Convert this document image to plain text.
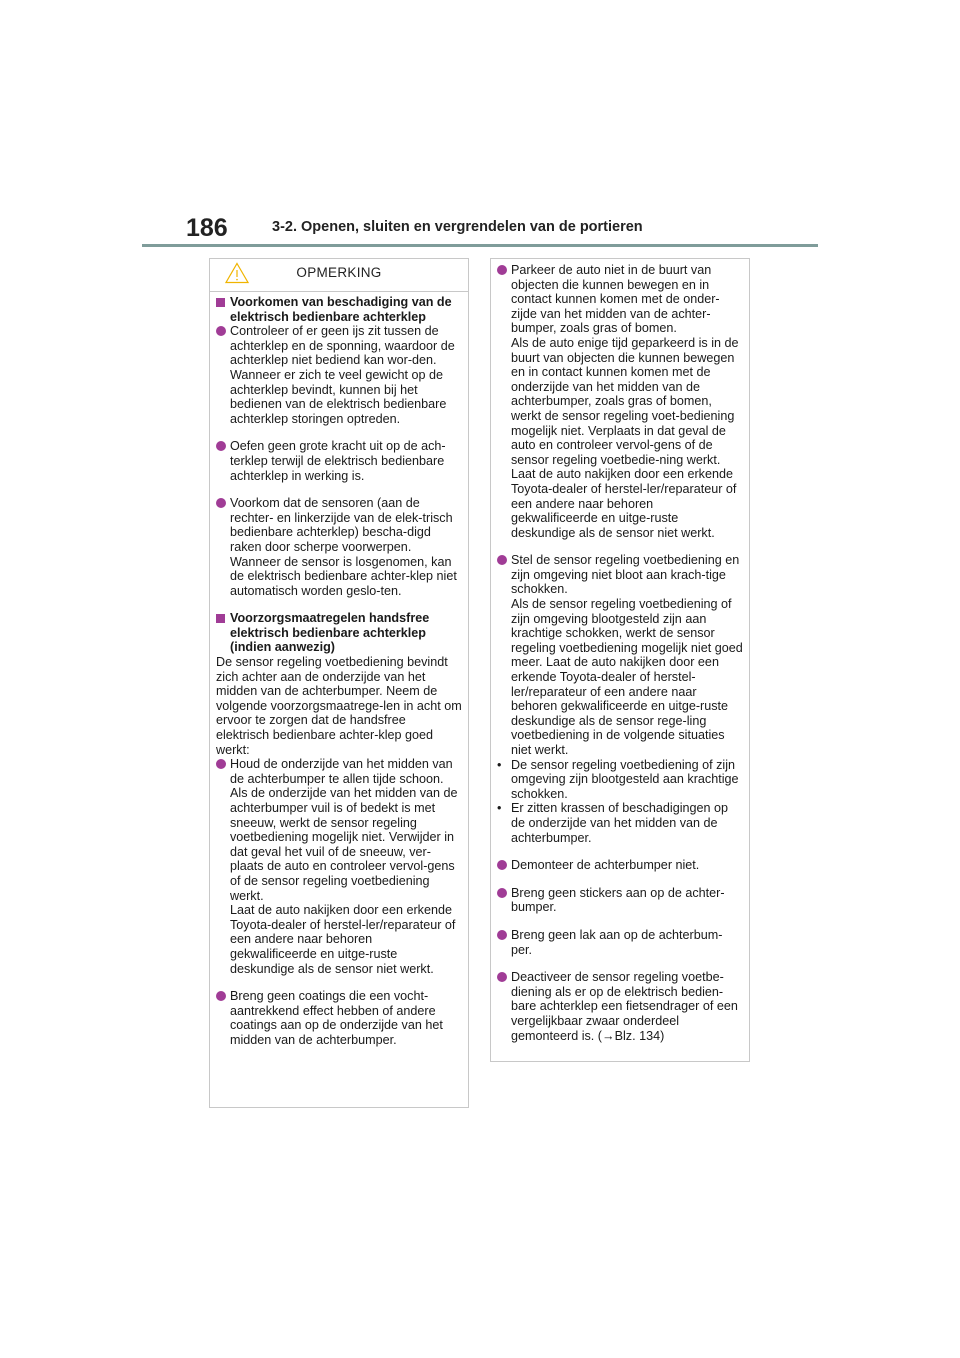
186	3-2. Openen, sluiten en vergrendelen van de portieren
OPMERKING
Voorkomen van beschadiging van de elektrisch bedienbare achterklep

Controleer of er geen ijs zit tussen de achterklep en de sponning, waardoor de achterklep niet bediend kan wor-den. Wanneer er zich te veel gewicht op de achterklep bevindt, kunnen bij het bedienen van de elektrisch bedienbare achterklep storingen optreden.

Oefen geen grote kracht uit op de ach-terklep terwijl de elektrisch bedienbare achterklep in werking is.

Voorkom dat de sensoren (aan de rechter- en linkerzijde van de elek-trisch bedienbare achterklep) bescha-digd raken door scherpe voorwerpen. Wanneer de sensor is losgenomen, kan de elektrisch bedienbare achter-klep niet automatisch worden geslo-ten.

Voorzorgsmaatregelen handsfree elektrisch bedienbare achterklep (indien aanwezig)

De sensor regeling voetbediening bevindt zich achter aan de onderzijde van het midden van de achterbumper. Neem de volgende voorzorgsmaatrege-len in acht om ervoor te zorgen dat de handsfree elektrisch bedienbare achter-klep goed werkt:

Houd de onderzijde van het midden van de achterbumper te allen tijde schoon.

Als de onderzijde van het midden van de achterbumper vuil is of bedekt is met sneeuw, werkt de sensor regeling voetbediening mogelijk niet. Verwijder in dat geval het vuil of de sneeuw, ver-plaats de auto en controleer vervol-gens of de sensor regeling voetbediening werkt.

Laat de auto nakijken door een erkende Toyota-dealer of herstel-ler/reparateur of een andere naar behoren gekwalificeerde en uitge-ruste deskundige als de sensor niet werkt.

Breng geen coatings die een vocht-aantrekkend effect hebben of andere coatings aan op de onderzijde van het midden van de achterbumper.

Parkeer de auto niet in de buurt van objecten die kunnen bewegen en in contact kunnen komen met de onder-zijde van het midden van de achter-bumper, zoals gras of bomen.

Als de auto enige tijd geparkeerd is in de buurt van objecten die kunnen bewegen en in contact kunnen komen met de onderzijde van het midden van de achterbumper, zoals gras of bomen, werkt de sensor regeling voet-bediening mogelijk niet. Verplaats in dat geval de auto en controleer vervol-gens of de sensor regeling voetbedie-ning werkt. Laat de auto nakijken door een erkende Toyota-dealer of herstel-ler/reparateur of een andere naar behoren gekwalificeerde en uitge-ruste deskundige als de sensor niet werkt.

Stel de sensor regeling voetbediening en zijn omgeving niet bloot aan krach-tige schokken.

Als de sensor regeling voetbediening of zijn omgeving blootgesteld zijn aan krachtige schokken, werkt de sensor regeling voetbediening mogelijk niet goed meer. Laat de auto nakijken door een erkende Toyota-dealer of herstel-ler/reparateur of een andere naar behoren gekwalificeerde en uitge-ruste deskundige als de sensor rege-ling voetbediening in de volgende situaties niet werkt.

• De sensor regeling voetbediening of zijn omgeving zijn blootgesteld aan krachtige schokken.
• Er zitten krassen of beschadigingen op de onderzijde van het midden van de achterbumper.

Demonteer de achterbumper niet.

Breng geen stickers aan op de achter-bumper.

Breng geen lak aan op de achterbum-per.

Deactiveer de sensor regeling voetbe-diening als er op de elektrisch bedien-bare achterklep een fietsendrager of een vergelijkbaar zwaar onderdeel gemonteerd is. (→Blz. 134)
